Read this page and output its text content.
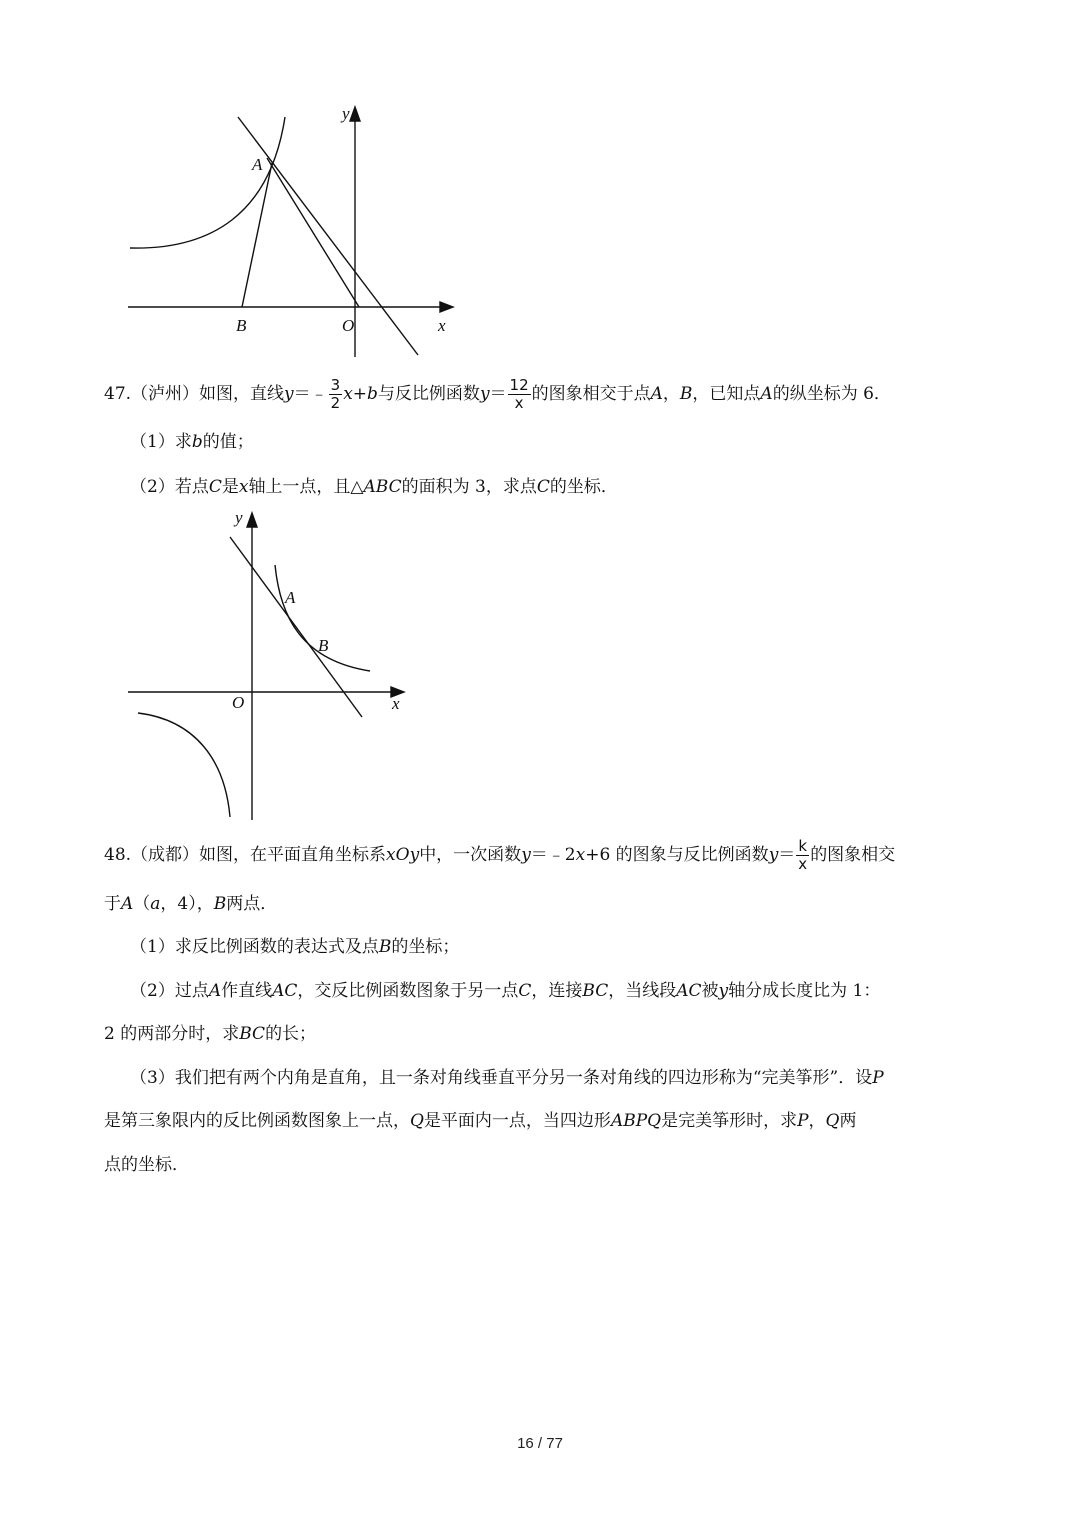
y
x
A
B	O
47.（泸州）如图，直线y＝﹣ $\frac{3}{2} x+b$与反比例函数$y= \frac{12}{x}$ 的图象相交于点A，B，已知点A的纵坐标为 6．
（1）求b的值；
（2）若点C是x轴上一点，且△ABC的面积为 3，求点C的坐标．
y
x
A
B
O
48.（成都）如图，在平面直角坐标系xOy中，一次函数y＝﹣2x+6 的图象与反比例函数$y= \frac{k}{x}$ 的图象相交
于A（a，4），B两点．
（1）求反比例函数的表达式及点B的坐标；
（2）过点A作直线AC，交反比例函数图象于另一点C，连接BC，当线段AC被y轴分成长度比为 1：
2 的两部分时，求BC的长；
（3）我们把有两个内角是直角，且一条对角线垂直平分另一条对角线的四边形称为“完美筝形”．设P
是第三象限内的反比例函数图象上一点，Q是平面内一点，当四边形ABPQ是完美筝形时，求P，Q两
点的坐标．
16 / 77
